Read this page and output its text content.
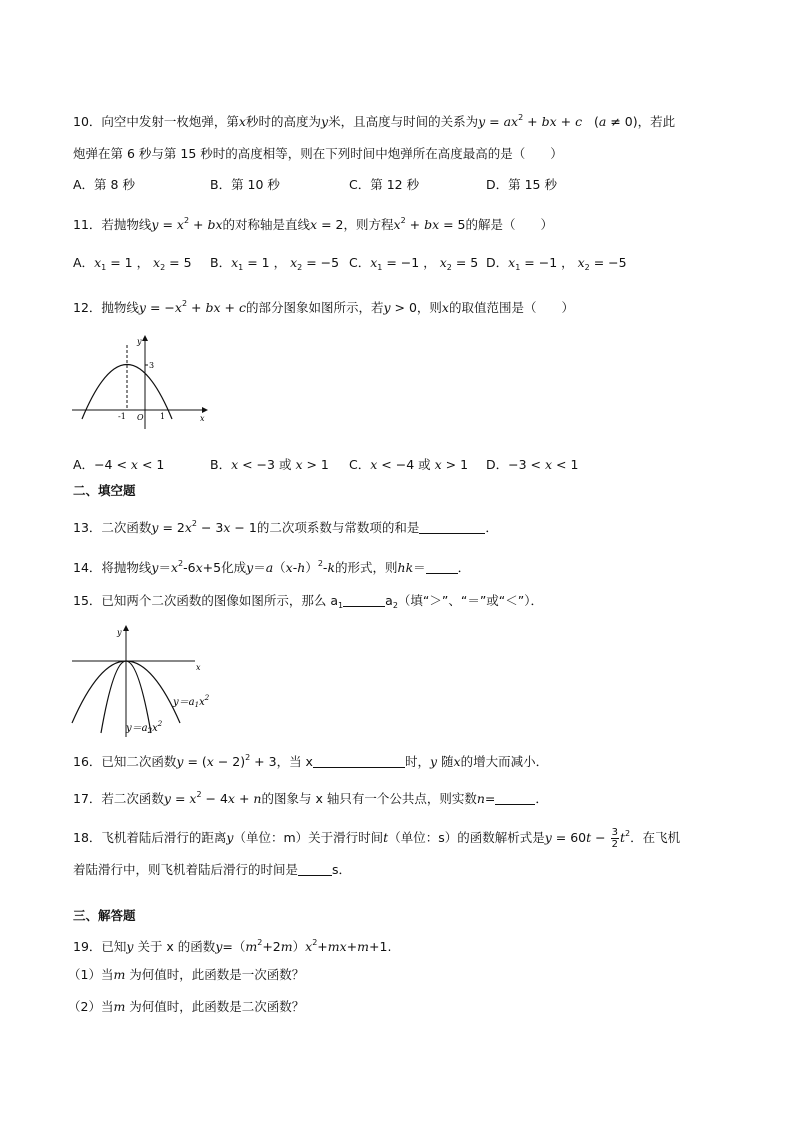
10．向空中发射一枚炮弹，第x秒时的高度为y米，且高度与时间的关系为$y = ax^2$ + bx + c   (a ≠ 0)，若此
炮弹在第 6 秒与第 15 秒时的高度相等，则在下列时间中炮弹所在高度最高的是（　　）
A．第 8 秒	B．第 10 秒	C．第 12 秒	D．第 15 秒
11．若抛物线$y = x^2$ + bx的对称轴是直线x = 2，则方程$x^2$ + bx = 5的解是（　　）
A．$x_1 = 1$ ， $x_2 = 5$ B．$x_1 = 1$ ， $x_2 = -5$ C．$x_1 = -1$ ， $x_2 = 5$ D．$x_1 = -1$ ， $x_2 = -5$
12．抛物线$y = -x^2$ + bx + c的部分图象如图所示，若y > 0，则x的取值范围是（　　）
y
x
3
-1 O 1
A．−4 < x < 1	B．x < −3 或 x > 1 C．x < −4 或 x > 1 D．−3 < x < 1
二、填空题
13．二次函数$y = 2x^2 - 3x - 1$的二次项系数与常数项的和是	．
14．将抛物线$y=x^2-6x+5$化成$y=a(x-h)^2-k$的形式，则hk＝	．
15．已知两个二次函数的图像如图所示，那么 $a_1$	$a_2$（填“＞”、“＝”或“＜”）．
y
x
$y=a_1x^2$
$y=a_2x^2$
16．已知二次函数$y = (x - 2)^2 + 3$，当 x	时，y 随x的增大而减小．
17．若二次函数$y = x^2 - 4x + n$的图象与 x 轴只有一个公共点，则实数n=	．
18．飞机着陆后滑行的距离y（单位：m）关于滑行时间t（单位：s）的函数解析式是$y = 60t - \frac{3}{2} t^2$．在飞机
着陆滑行中，则飞机着陆后滑行的时间是	s．
三、解答题
19．已知y 关于 x 的函数$y=(m^2+2m)x^2+mx+m+1$.
（1）当m 为何值时，此函数是一次函数？
（2）当m 为何值时，此函数是二次函数？
